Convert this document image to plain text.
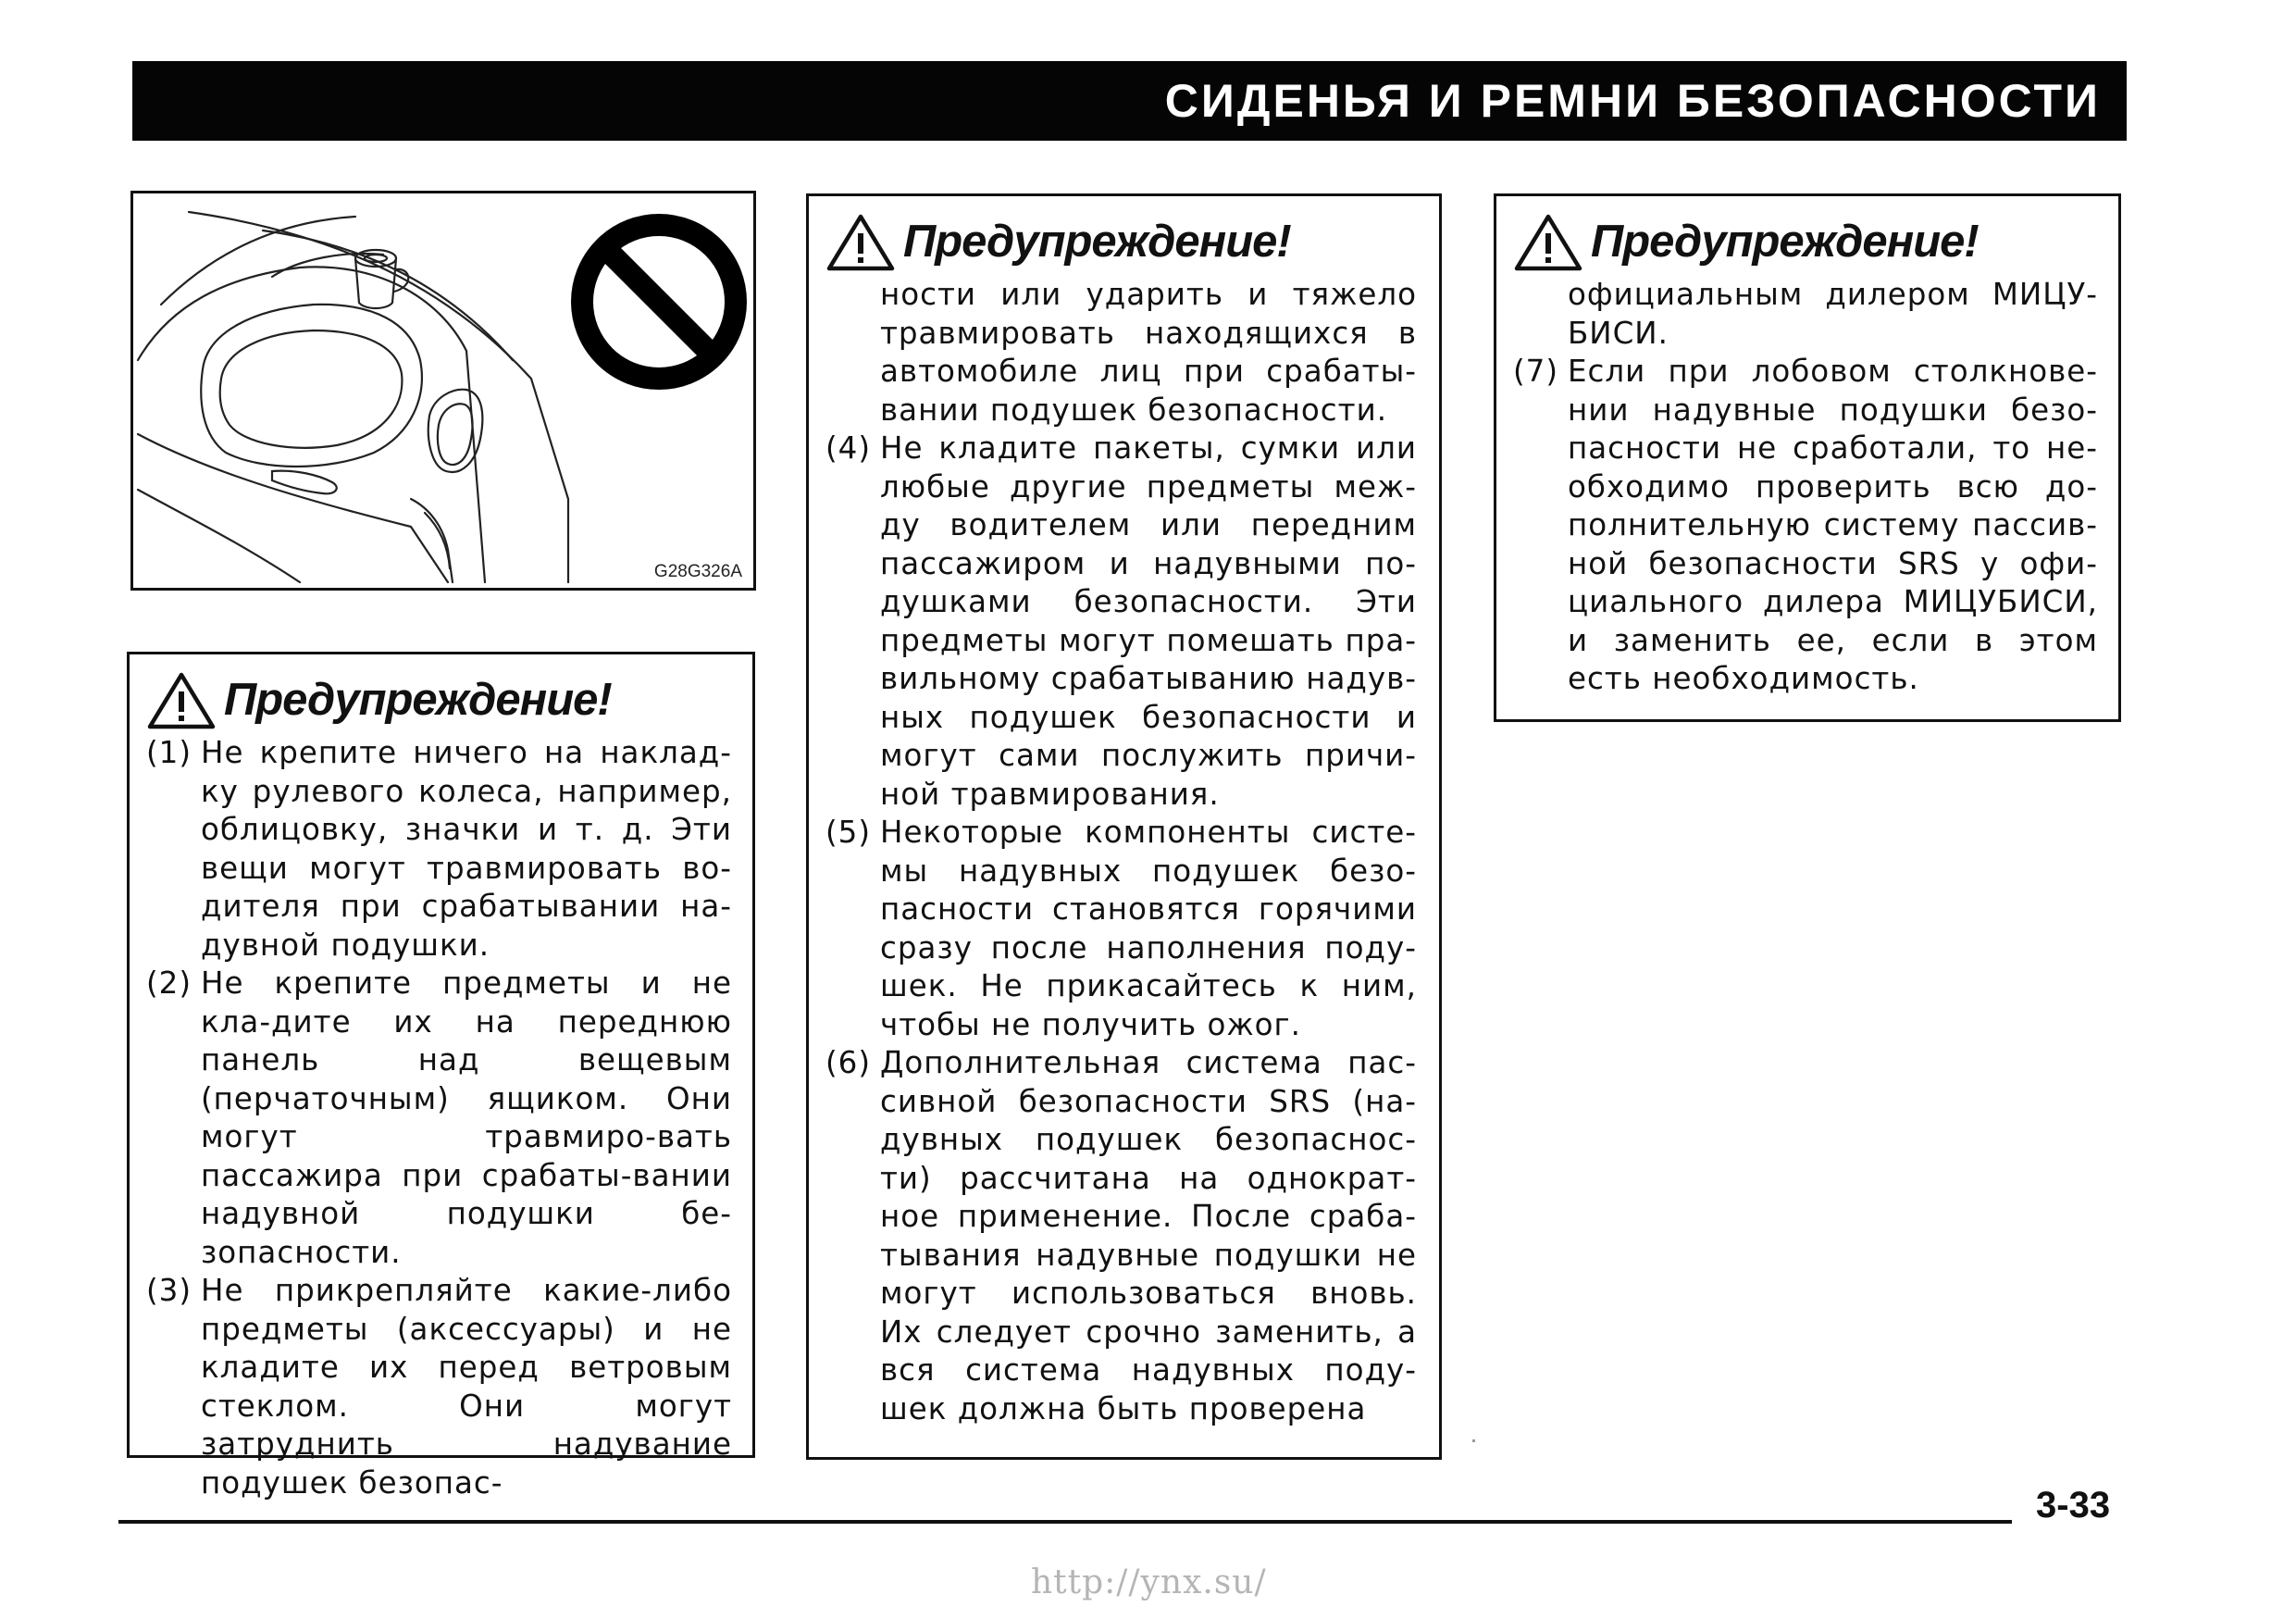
СИДЕНЬЯ И РЕМНИ БЕЗОПАСНОСТИ
G28G326A
Предупреждение!
(1) Не крепите ничего на наклад-ку рулевого колеса, например, облицовку, значки и т. д. Эти вещи могут травмировать во-дителя при срабатывании на-дувной подушки.
(2) Не крепите предметы и не кла-дите их на переднюю панель над вещевым (перчаточным) ящиком. Они могут травмиро-вать пассажира при срабаты-вании надувной подушки бе-зопасности.
(3) Не прикрепляйте какие-либо предметы (аксессуары) и не кладите их перед ветровым стеклом. Они могут затруднить надувание подушек безопас-
Предупреждение!
ности или ударить и тяжело травмировать находящихся в автомобиле лиц при срабаты-вании подушек безопасности.
(4) Не кладите пакеты, сумки или любые другие предметы меж-ду водителем или передним пассажиром и надувными по-душками безопасности. Эти предметы могут помешать пра-вильному срабатыванию надув-ных подушек безопасности и могут сами послужить причи-ной травмирования.
(5) Некоторые компоненты систе-мы надувных подушек безо-пасности становятся горячими сразу после наполнения поду-шек. Не прикасайтесь к ним, чтобы не получить ожог.
(6) Дополнительная система пас-сивной безопасности SRS (на-дувных подушек безопаснос-ти) рассчитана на однократ-ное применение. После сраба-тывания надувные подушки не могут использоваться вновь. Их следует срочно заменить, а вся система надувных поду-шек должна быть проверена
Предупреждение!
официальным дилером МИЦУ-БИСИ.
(7) Если при лобовом столкнове-нии надувные подушки безо-пасности не сработали, то не-обходимо проверить всю до-полнительную систему пассив-ной безопасности SRS у офи-циального дилера МИЦУБИСИ, и заменить ее, если в этом есть необходимость.
3-33
http://ynx.su/
